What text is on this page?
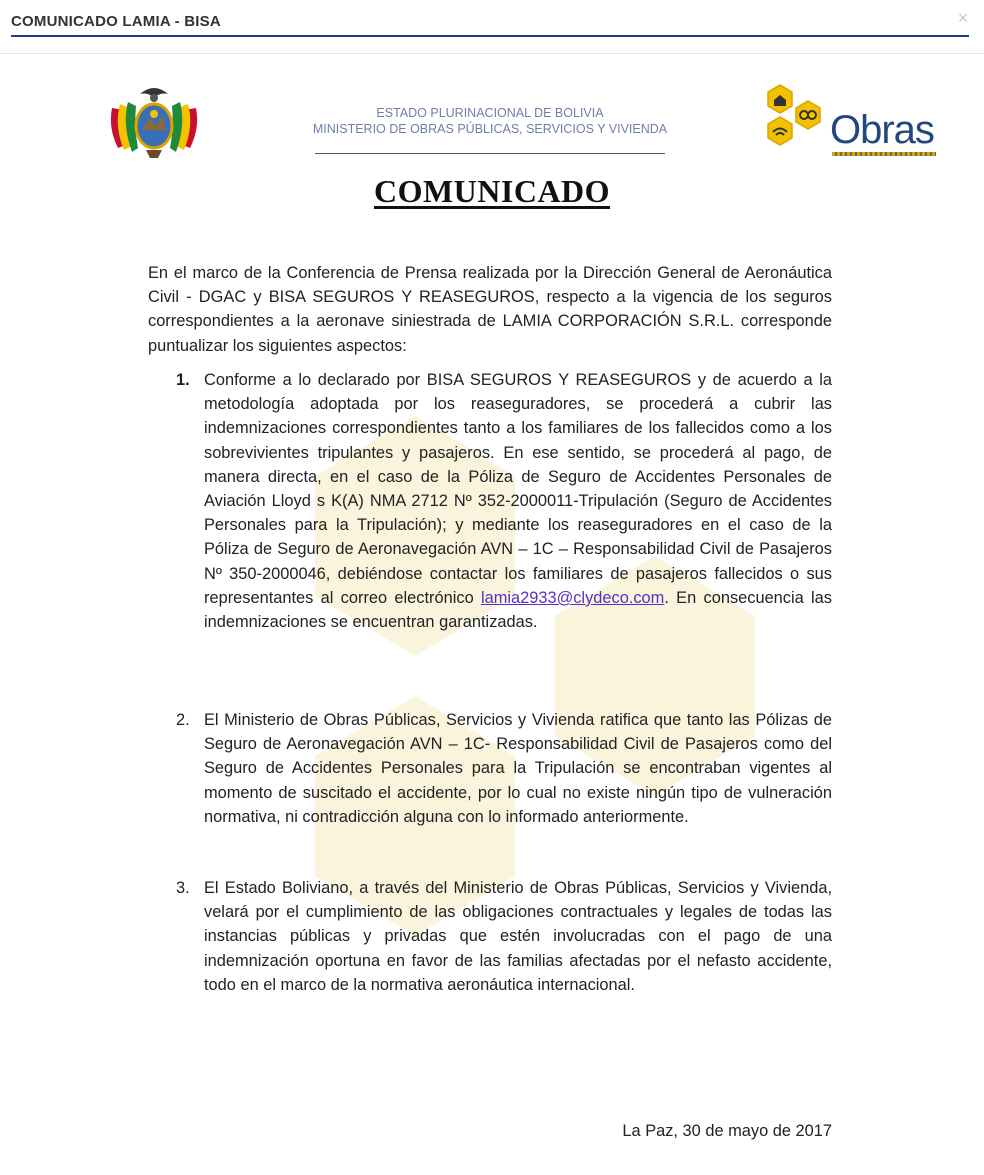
COMUNICADO LAMIA - BISA	×
ESTADO PLURINACIONAL DE BOLIVIA
MINISTERIO DE OBRAS PÚBLICAS, SERVICIOS Y VIVIENDA	Obras
COMUNICADO
En el marco de la Conferencia de Prensa realizada por la Dirección General de Aeronáutica Civil - DGAC y BISA SEGUROS Y REASEGUROS, respecto a la vigencia de los seguros correspondientes a la aeronave siniestrada de LAMIA CORPORACIÓN S.R.L. corresponde puntualizar los siguientes aspectos:
1. Conforme a lo declarado por BISA SEGUROS Y REASEGUROS y de acuerdo a la metodología adoptada por los reaseguradores, se procederá a cubrir las indemnizaciones correspondientes tanto a los familiares de los fallecidos como a los sobrevivientes tripulantes y pasajeros. En ese sentido, se procederá al pago, de manera directa, en el caso de la Póliza de Seguro de Accidentes Personales de Aviación Lloyd s K(A) NMA 2712 Nº 352-2000011-Tripulación (Seguro de Accidentes Personales para la Tripulación); y mediante los reaseguradores en el caso de la Póliza de Seguro de Aeronavegación AVN – 1C – Responsabilidad Civil de Pasajeros Nº 350-2000046, debiéndose contactar los familiares de pasajeros fallecidos o sus representantes al correo electrónico lamia2933@clydeco.com. En consecuencia las indemnizaciones se encuentran garantizadas.
2. El Ministerio de Obras Públicas, Servicios y Vivienda ratifica que tanto las Pólizas de Seguro de Aeronavegación AVN – 1C- Responsabilidad Civil de Pasajeros como del Seguro de Accidentes Personales para la Tripulación se encontraban vigentes al momento de suscitado el accidente, por lo cual no existe ningún tipo de vulneración normativa, ni contradicción alguna con lo informado anteriormente.
3. El Estado Boliviano, a través del Ministerio de Obras Públicas, Servicios y Vivienda, velará por el cumplimiento de las obligaciones contractuales y legales de todas las instancias públicas y privadas que estén involucradas con el pago de una indemnización oportuna en favor de las familias afectadas por el nefasto accidente, todo en el marco de la normativa aeronáutica internacional.
La Paz, 30 de mayo de 2017
